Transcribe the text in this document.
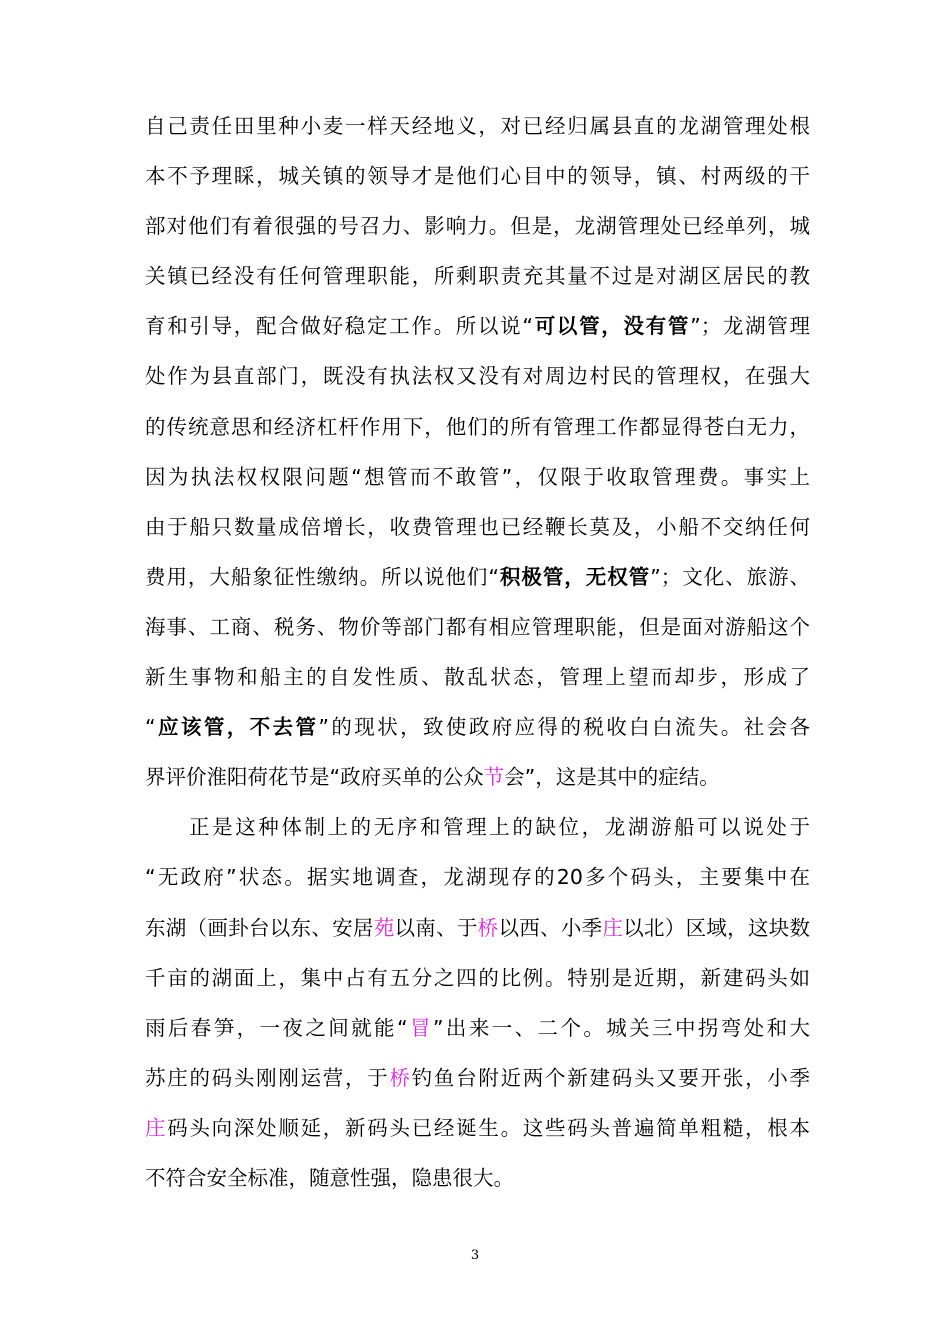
自己责任田里种小麦一样天经地义，对已经归属县直的龙湖管理处根
本不予理睬，城关镇的领导才是他们心目中的领导，镇、村两级的干
部对他们有着很强的号召力、影响力。但是，龙湖管理处已经单列，城
关镇已经没有任何管理职能，所剩职责充其量不过是对湖区居民的教
育和引导，配合做好稳定工作。所以说“可以管，没有管”；龙湖管理
处作为县直部门，既没有执法权又没有对周边村民的管理权，在强大
的传统意思和经济杠杆作用下，他们的所有管理工作都显得苍白无力，
因为执法权权限问题“想管而不敢管”，仅限于收取管理费。事实上
由于船只数量成倍增长，收费管理也已经鞭长莫及，小船不交纳任何
费用，大船象征性缴纳。所以说他们“积极管，无权管”；文化、旅游、
海事、工商、税务、物价等部门都有相应管理职能，但是面对游船这个
新生事物和船主的自发性质、散乱状态，管理上望而却步，形成了
“应该管，不去管”的现状，致使政府应得的税收白白流失。社会各
界评价淮阳荷花节是“政府买单的公众节会”，这是其中的症结。
正是这种体制上的无序和管理上的缺位，龙湖游船可以说处于
“无政府”状态。据实地调查，龙湖现存的20多个码头，主要集中在
东湖（画卦台以东、安居苑以南、于桥以西、小季庄以北）区域，这块数
千亩的湖面上，集中占有五分之四的比例。特别是近期，新建码头如
雨后春笋，一夜之间就能“冒”出来一、二个。城关三中拐弯处和大
苏庄的码头刚刚运营，于桥钓鱼台附近两个新建码头又要开张，小季
庄码头向深处顺延，新码头已经诞生。这些码头普遍简单粗糙，根本
不符合安全标准，随意性强，隐患很大。
3
